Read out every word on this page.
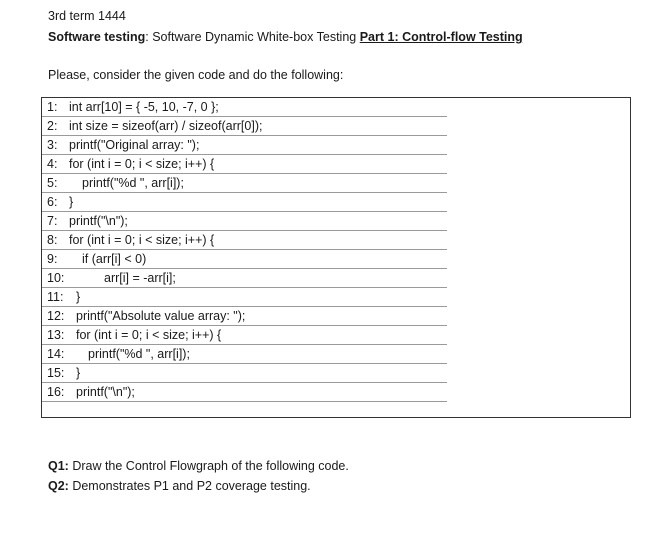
3rd term 1444
Software testing: Software Dynamic White-box Testing Part 1: Control-flow Testing
Please, consider the given code and do the following:
1: int arr[10] = { -5, 10, -7, 0 };
2: int size = sizeof(arr) / sizeof(arr[0]);
3: printf("Original array: ");
4: for (int i = 0; i < size; i++) {
5: printf("%d ", arr[i]);
6: }
7: printf("\n");
8: for (int i = 0; i < size; i++) {
9: if (arr[i] < 0)
10:	arr[i] = -arr[i];
11: }
12: printf("Absolute value array: ");
13: for (int i = 0; i < size; i++) {
14: printf("%d ", arr[i]);
15: }
16: printf("\n");
Q1: Draw the Control Flowgraph of the following code.
Q2: Demonstrates P1 and P2 coverage testing.
